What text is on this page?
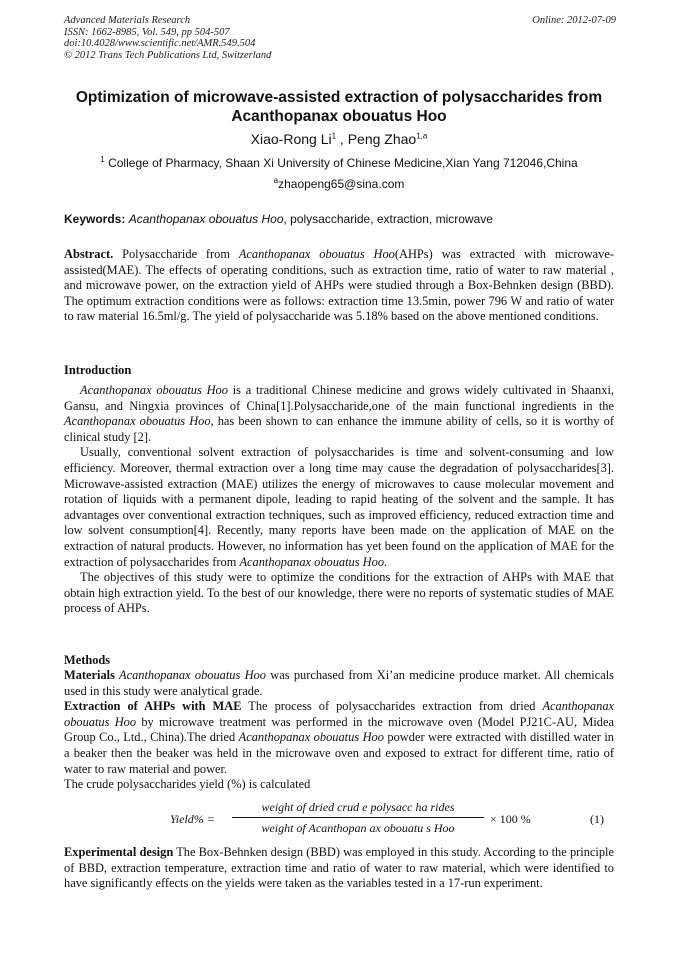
Advanced Materials Research
ISSN: 1662-8985, Vol. 549, pp 504-507
doi:10.4028/www.scientific.net/AMR.549.504
© 2012 Trans Tech Publications Ltd, Switzerland
Online: 2012-07-09
Optimization of microwave-assisted extraction of polysaccharides from Acanthopanax obouatus Hoo
Xiao-Rong Li$^1$ , Peng Zhao$^{1,a}$
$^1$ College of Pharmacy, Shaan Xi University of Chinese Medicine,Xian Yang 712046,China
$^a$zhaopeng65@sina.com
Keywords: Acanthopanax obouatus Hoo, polysaccharide, extraction, microwave

Abstract. Polysaccharide from Acanthopanax obouatus Hoo(AHPs) was extracted with microwave-assisted(MAE). The effects of operating conditions, such as extraction time, ratio of water to raw material , and microwave power, on the extraction yield of AHPs were studied through a Box-Behnken design (BBD). The optimum extraction conditions were as follows: extraction time 13.5min, power 796 W and ratio of water to raw material 16.5ml/g. The yield of polysaccharide was 5.18% based on the above mentioned conditions.

Introduction

Acanthopanax obouatus Hoo is a traditional Chinese medicine and grows widely cultivated in Shaanxi, Gansu, and Ningxia provinces of China[1].Polysaccharide,one of the main functional ingredients in the Acanthopanax obouatus Hoo, has been shown to can enhance the immune ability of cells, so it is worthy of clinical study [2].

Usually, conventional solvent extraction of polysaccharides is time and solvent-consuming and low efficiency. Moreover, thermal extraction over a long time may cause the degradation of polysaccharides[3]. Microwave-assisted extraction (MAE) utilizes the energy of microwaves to cause molecular movement and rotation of liquids with a permanent dipole, leading to rapid heating of the solvent and the sample. It has advantages over conventional extraction techniques, such as improved efficiency, reduced extraction time and low solvent consumption[4]. Recently, many reports have been made on the application of MAE on the extraction of natural products. However, no information has yet been found on the application of MAE for the extraction of polysaccharides from Acanthopanax obouatus Hoo.

The objectives of this study were to optimize the conditions for the extraction of AHPs with MAE that obtain high extraction yield. To the best of our knowledge, there were no reports of systematic studies of MAE process of AHPs.

Methods

Materials Acanthopanax obouatus Hoo was purchased from Xi’an medicine produce market. All chemicals used in this study were analytical grade.

Extraction of AHPs with MAE The process of polysaccharides extraction from dried Acanthopanax obouatus Hoo by microwave treatment was performed in the microwave oven (Model PJ21C-AU, Midea Group Co., Ltd., China).The dried Acanthopanax obouatus Hoo powder were extracted with distilled water in a beaker then the beaker was held in the microwave oven and exposed to extract for different time, ratio of water to raw material and power.

The crude polysaccharides yield (%) is calculated

Yield% =
weight of dried crud e polysacc ha rides
weight of Acanthopan ax obouatu s Hoo
× 100 %	(1)

Experimental design The Box-Behnken design (BBD) was employed in this study. According to the principle of BBD, extraction temperature, extraction time and ratio of water to raw material, which were identified to have significantly effects on the yields were taken as the variables tested in a 17-run experiment.
